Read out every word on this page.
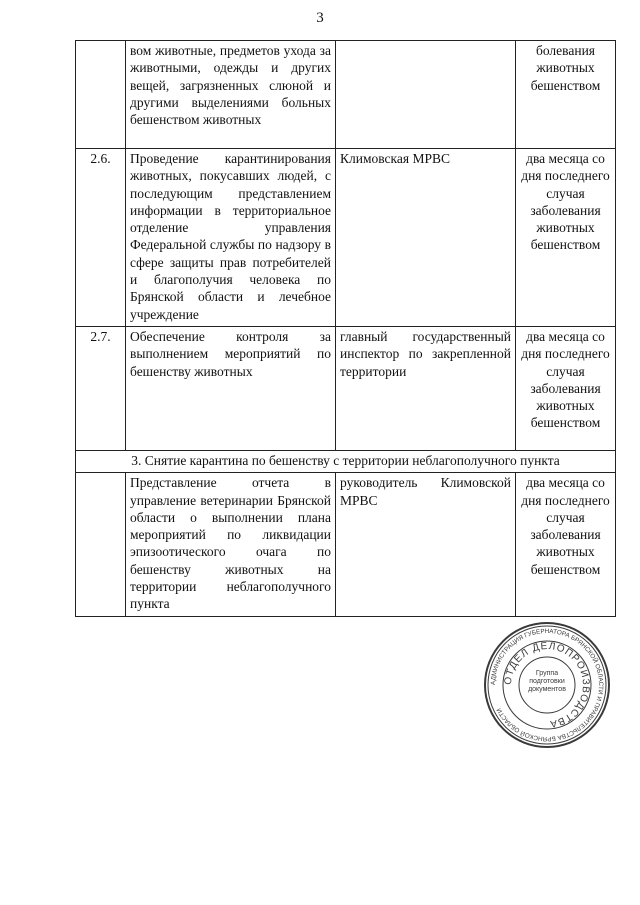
3
	вом животные, предметов ухода за животными, одежды и других вещей, загрязненных слюной и другими выделениями больных бешенством животных		болевания животных бешенством
2.6.	Проведение карантинирования животных, покусавших людей, с последующим представлением информации в территориальное отделение управления Федеральной службы по надзору в сфере защиты прав потребителей и благополучия человека по Брянской области и лечебное учреждение	Климовская МРВС	два месяца со дня последнего случая заболевания животных бешенством
2.7.	Обеспечение контроля за выполнением мероприятий по бешенству животных	главный государственный инспектор по закрепленной территории	два месяца со дня последнего случая заболевания животных бешенством
3. Снятие карантина по бешенству с территории неблагополучного пункта			
	Представление отчета в управление ветеринарии Брянской области о выполнении плана мероприятий по ликвидации эпизоотического очага по бешенству животных на территории неблагополучного пункта	руководитель Климовской МРВС	два месяца со дня последнего случая заболевания животных бешенством
АДМИНИСТРАЦИЯ ГУБЕРНАТОРА БРЯНСКОЙ ОБЛАСТИ И ПРАВИТЕЛЬСТВА БРЯНСКОЙ ОБЛАСТИ
ОТДЕЛ ДЕЛОПРОИЗВОДСТВА
Группа подготовки документов
